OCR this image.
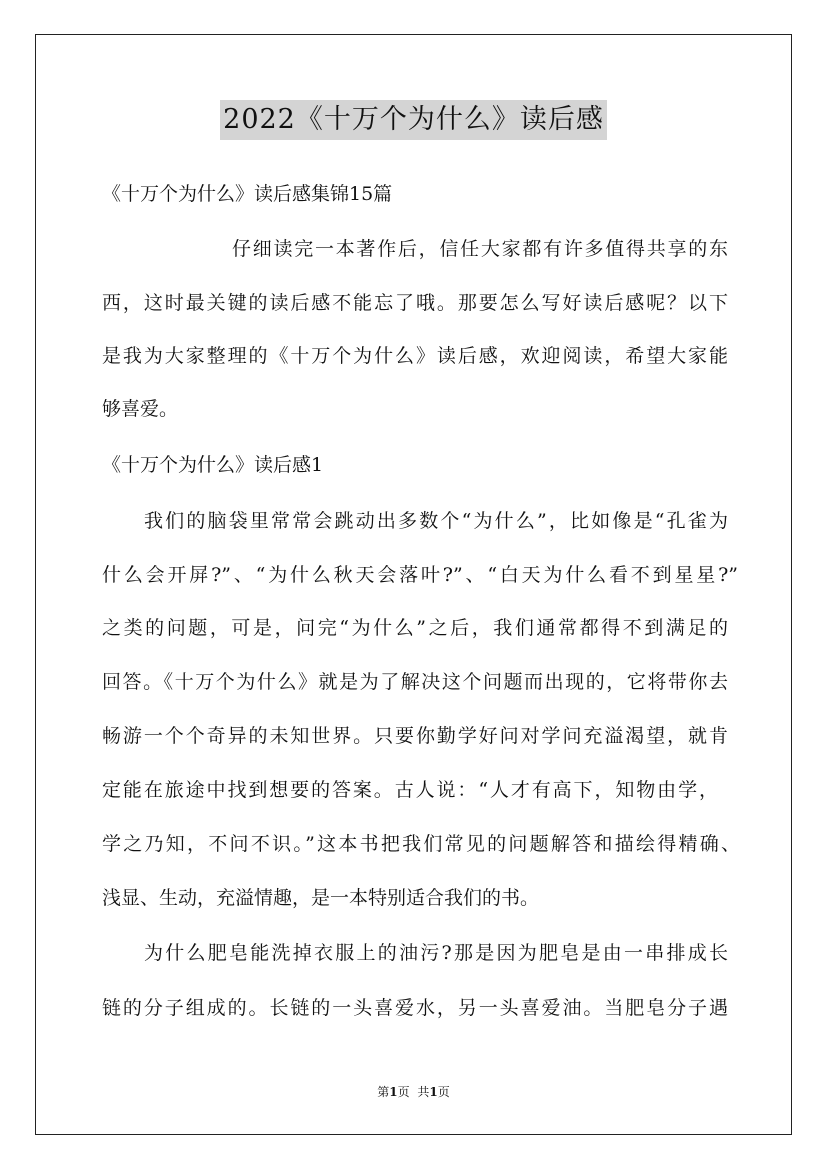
2022《十万个为什么》读后感
《十万个为什么》读后感集锦15篇
仔细读完一本著作后，信任大家都有许多值得共享的东
西，这时最关键的读后感不能忘了哦。那要怎么写好读后感呢？以下
是我为大家整理的《十万个为什么》读后感，欢迎阅读，希望大家能
够喜爱。
《十万个为什么》读后感1
我们的脑袋里常常会跳动出多数个“为什么”，比如像是“孔雀为
什么会开屏?”、“为什么秋天会落叶?”、“白天为什么看不到星星?”
之类的问题，可是，问完“为什么”之后，我们通常都得不到满足的
回答。《十万个为什么》就是为了解决这个问题而出现的，它将带你去
畅游一个个奇异的未知世界。只要你勤学好问对学问充溢渴望，就肯
定能在旅途中找到想要的答案。古人说：“人才有高下，知物由学，
学之乃知，不问不识。”这本书把我们常见的问题解答和描绘得精确、
浅显、生动，充溢情趣，是一本特别适合我们的书。
为什么肥皂能洗掉衣服上的油污?那是因为肥皂是由一串排成长
链的分子组成的。长链的一头喜爱水，另一头喜爱油。当肥皂分子遇
第1页 共1页
